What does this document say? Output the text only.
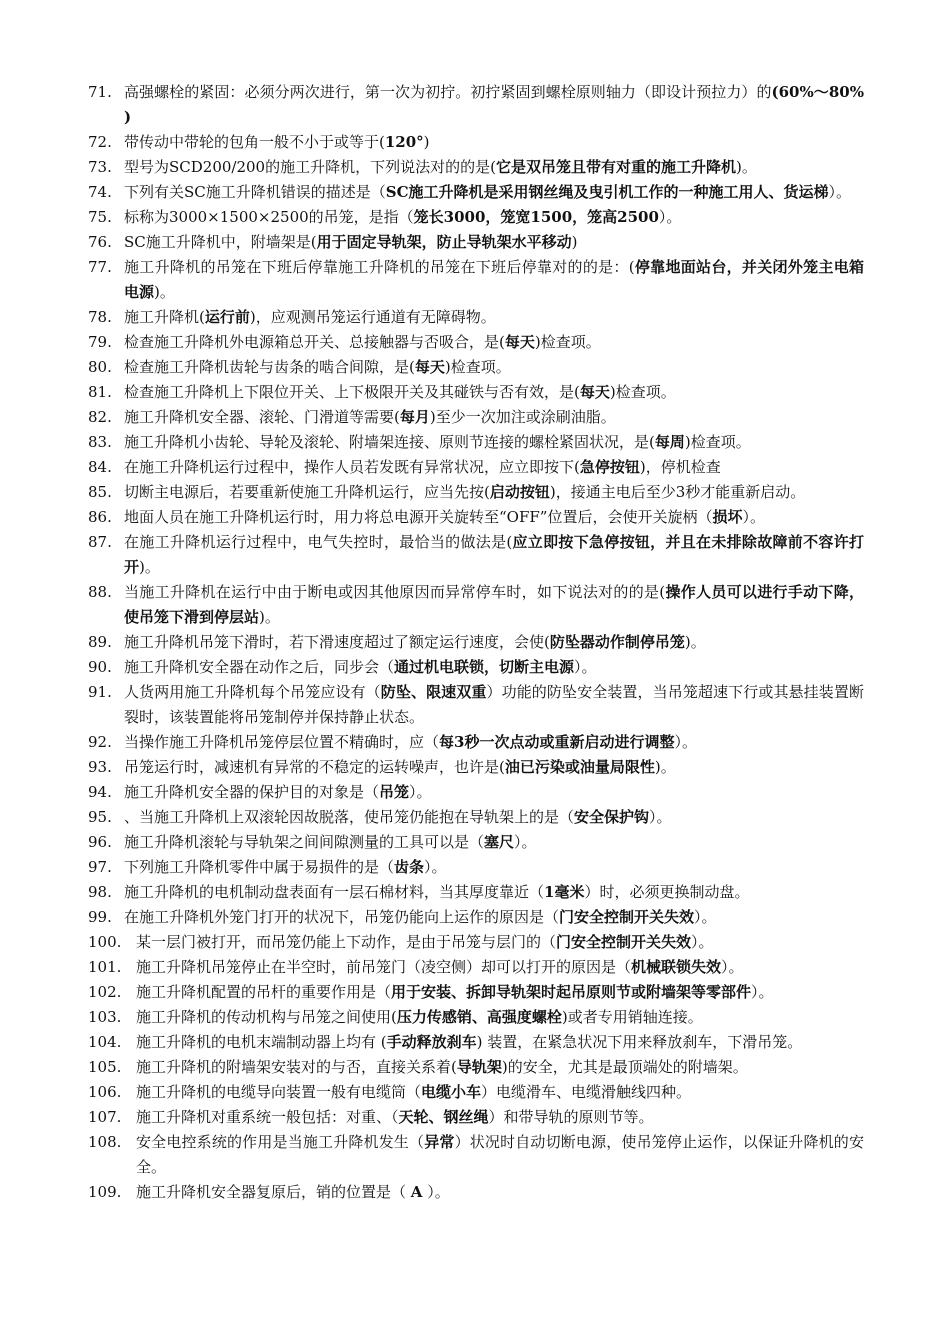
71. 高强螺栓的紧固：必须分两次进行，第一次为初拧。初拧紧固到螺栓原则轴力（即设计预拉力）的(60%～80% )
72. 带传动中带轮的包角一般不小于或等于(120°)
73. 型号为SCD200/200的施工升降机，下列说法对的的是(它是双吊笼且带有对重的施工升降机)。
74. 下列有关SC施工升降机错误的描述是（SC施工升降机是采用钢丝绳及曳引机工作的一种施工用人、货运梯）。
75. 标称为3000×1500×2500的吊笼，是指（笼长3000，笼宽1500，笼高2500）。
76. SC施工升降机中，附墙架是(用于固定导轨架，防止导轨架水平移动)
77. 施工升降机的吊笼在下班后停靠施工升降机的吊笼在下班后停靠对的的是：(停靠地面站台，并关闭外笼主电箱电源)。
78. 施工升降机(运行前)，应观测吊笼运行通道有无障碍物。
79. 检查施工升降机外电源箱总开关、总接触器与否吸合，是(每天)检查项。
80. 检查施工升降机齿轮与齿条的啮合间隙，是(每天)检查项。
81. 检查施工升降机上下限位开关、上下极限开关及其碰铁与否有效，是(每天)检查项。
82. 施工升降机安全器、滚轮、门滑道等需要(每月)至少一次加注或涂刷油脂。
83. 施工升降机小齿轮、导轮及滚轮、附墙架连接、原则节连接的螺栓紧固状况，是(每周)检查项。
84. 在施工升降机运行过程中，操作人员若发既有异常状况，应立即按下(急停按钮)，停机检查
85. 切断主电源后，若要重新使施工升降机运行，应当先按(启动按钮)，接通主电后至少3秒才能重新启动。
86. 地面人员在施工升降机运行时，用力将总电源开关旋转至“OFF”位置后，会使开关旋柄（损坏）。
87. 在施工升降机运行过程中，电气失控时，最恰当的做法是(应立即按下急停按钮，并且在未排除故障前不容许打开)。
88. 当施工升降机在运行中由于断电或因其他原因而异常停车时，如下说法对的的是(操作人员可以进行手动下降，使吊笼下滑到停层站)。
89. 施工升降机吊笼下滑时，若下滑速度超过了额定运行速度，会使(防坠器动作制停吊笼)。
90. 施工升降机安全器在动作之后，同步会（通过机电联锁，切断主电源）。
91. 人货两用施工升降机每个吊笼应设有（防坠、限速双重）功能的防坠安全装置，当吊笼超速下行或其悬挂装置断裂时，该装置能将吊笼制停并保持静止状态。
92. 当操作施工升降机吊笼停层位置不精确时，应（每3秒一次点动或重新启动进行调整）。
93. 吊笼运行时，减速机有异常的不稳定的运转噪声，也许是(油已污染或油量局限性)。
94. 施工升降机安全器的保护目的对象是（吊笼）。
95. 、当施工升降机上双滚轮因故脱落，使吊笼仍能抱在导轨架上的是（安全保护钩）。
96. 施工升降机滚轮与导轨架之间间隙测量的工具可以是（塞尺）。
97. 下列施工升降机零件中属于易损件的是（齿条）。
98. 施工升降机的电机制动盘表面有一层石棉材料，当其厚度靠近（1毫米）时，必须更换制动盘。
99. 在施工升降机外笼门打开的状况下，吊笼仍能向上运作的原因是（门安全控制开关失效）。
100. 某一层门被打开，而吊笼仍能上下动作，是由于吊笼与层门的（门安全控制开关失效）。
101. 施工升降机吊笼停止在半空时，前吊笼门（凌空侧）却可以打开的原因是（机械联锁失效）。
102. 施工升降机配置的吊杆的重要作用是（用于安装、拆卸导轨架时起吊原则节或附墙架等零部件）。
103. 施工升降机的传动机构与吊笼之间使用(压力传感销、高强度螺栓)或者专用销轴连接。
104. 施工升降机的电机末端制动器上均有 (手动释放刹车) 装置，在紧急状况下用来释放刹车，下滑吊笼。
105. 施工升降机的附墙架安装对的与否，直接关系着(导轨架)的安全，尤其是最顶端处的附墙架。
106. 施工升降机的电缆导向装置一般有电缆筒（电缆小车）电缆滑车、电缆滑触线四种。
107. 施工升降机对重系统一般包括：对重、（天轮、钢丝绳）和带导轨的原则节等。
108. 安全电控系统的作用是当施工升降机发生（异常）状况时自动切断电源，使吊笼停止运作，以保证升降机的安全。
109. 施工升降机安全器复原后，销的位置是（ A ）。
